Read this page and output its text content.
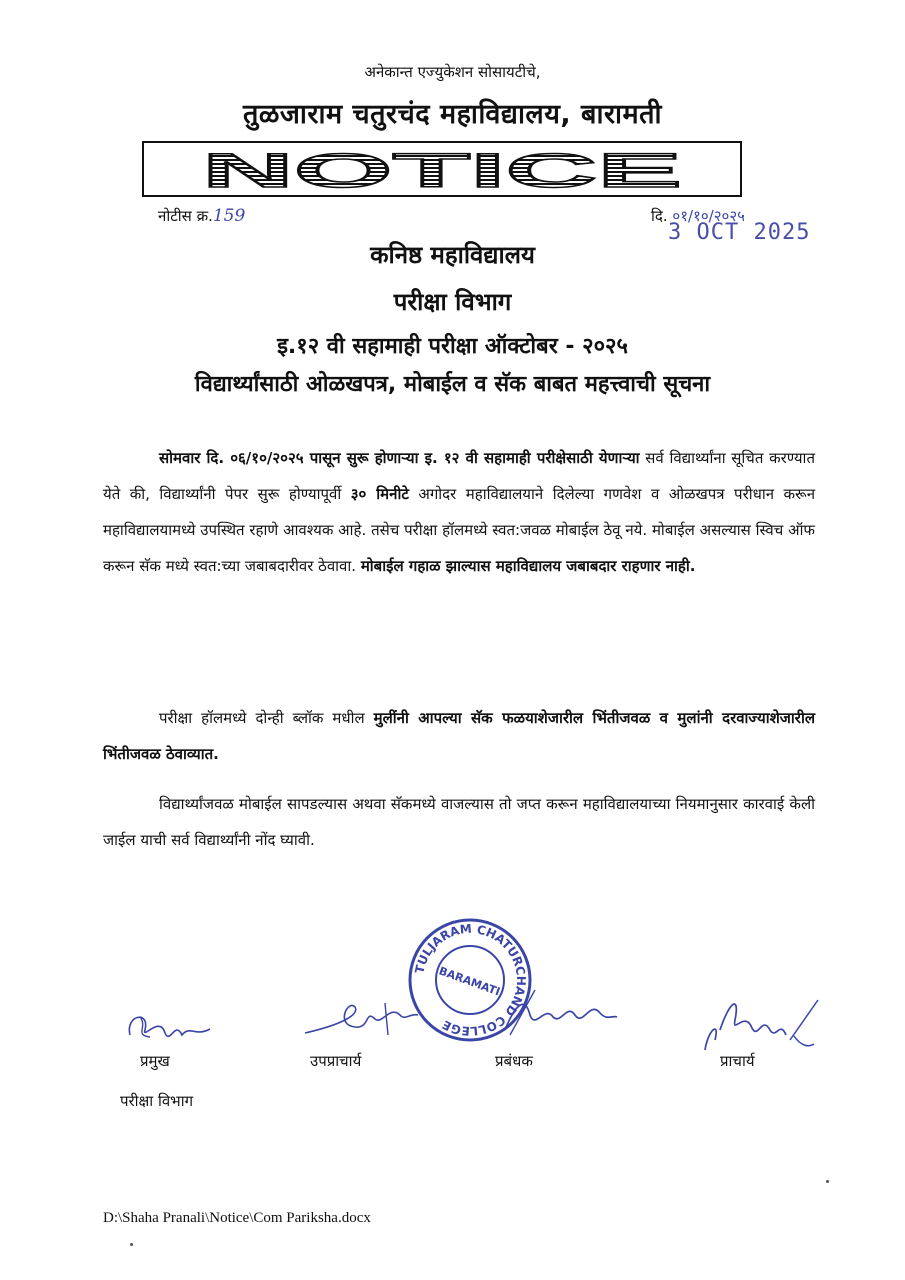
अनेकान्त एज्युकेशन सोसायटीचे,
तुळजाराम चतुरचंद महाविद्यालय, बारामती
NOTICE
नोटीस क्र.159	दि. ०१/१०/२०२५
3 OCT 2025
कनिष्ठ महाविद्यालय
परीक्षा विभाग
इ.१२ वी सहामाही परीक्षा ऑक्टोबर - २०२५
विद्यार्थ्यांसाठी ओळखपत्र, मोबाईल व सॅक बाबत महत्त्वाची सूचना
सोमवार दि. ०६/१०/२०२५ पासून सुरू होणाऱ्या इ. १२ वी सहामाही परीक्षेसाठी येणाऱ्या सर्व विद्यार्थ्यांना सूचित करण्यात येते की, विद्यार्थ्यांनी पेपर सुरू होण्यापूर्वी ३० मिनीटे अगोदर महाविद्यालयाने दिलेल्या गणवेश व ओळखपत्र परीधान करून महाविद्यालयामध्ये उपस्थित रहाणे आवश्यक आहे. तसेच परीक्षा हॉलमध्ये स्वत:जवळ मोबाईल ठेवू नये. मोबाईल असल्यास स्विच ऑफ करून सॅक मध्ये स्वत:च्या जबाबदारीवर ठेवावा. मोबाईल गहाळ झाल्यास महाविद्यालय जबाबदार राहणार नाही.
परीक्षा हॉलमध्ये दोन्ही ब्लॉक मधील मुलींनी आपल्या सॅक फळयाशेजारील भिंतीजवळ व मुलांनी दरवाज्याशेजारील भिंतीजवळ ठेवाव्यात.
विद्यार्थ्यांजवळ मोबाईल सापडल्यास अथवा सॅकमध्ये वाजल्यास तो जप्त करून महाविद्यालयाच्या नियमानुसार कारवाई केली जाईल याची सर्व विद्यार्थ्यांनी नोंद घ्यावी.
TULJARAM CHATURCHAND COLLEGE
BARAMATI
प्रमुख	उपप्राचार्य	प्रबंधक	प्राचार्य
परीक्षा विभाग
D:\Shaha Pranali\Notice\Com Pariksha.docx
